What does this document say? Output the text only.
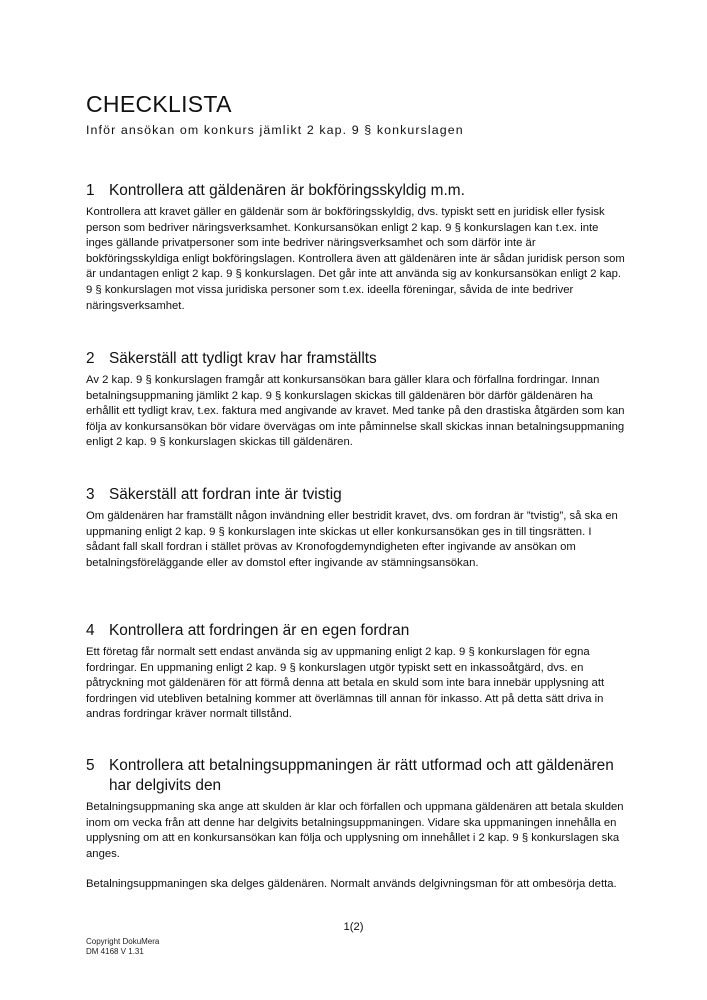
CHECKLISTA

Inför ansökan om konkurs jämlikt 2 kap. 9 § konkurslagen

1 Kontrollera att gäldenären är bokföringsskyldig m.m.

Kontrollera att kravet gäller en gäldenär som är bokföringsskyldig, dvs. typiskt sett en juridisk eller fysisk person som bedriver näringsverksamhet. Konkursansökan enligt 2 kap. 9 § konkurslagen kan t.ex. inte inges gällande privatpersoner som inte bedriver näringsverksamhet och som därför inte är bokföringsskyldiga enligt bokföringslagen. Kontrollera även att gäldenären inte är sådan juridisk person som är undantagen enligt 2 kap. 9 § konkurslagen. Det går inte att använda sig av konkursansökan enligt 2 kap. 9 § konkurslagen mot vissa juridiska personer som t.ex. ideella föreningar, såvida de inte bedriver näringsverksamhet.

2 Säkerställ att tydligt krav har framställts

Av 2 kap. 9 § konkurslagen framgår att konkursansökan bara gäller klara och förfallna fordringar. Innan betalningsuppmaning jämlikt 2 kap. 9 § konkurslagen skickas till gäldenären bör därför gäldenären ha erhållit ett tydligt krav, t.ex. faktura med angivande av kravet. Med tanke på den drastiska åtgärden som kan följa av konkursansökan bör vidare övervägas om inte påminnelse skall skickas innan betalningsuppmaning enligt 2 kap. 9 § konkurslagen skickas till gäldenären.

3 Säkerställ att fordran inte är tvistig

Om gäldenären har framställt någon invändning eller bestridit kravet, dvs. om fordran är ”tvistig”, så ska en uppmaning enligt 2 kap. 9 § konkurslagen inte skickas ut eller konkursansökan ges in till tingsrätten. I sådant fall skall fordran i stället prövas av Kronofogdemyndigheten efter ingivande av ansökan om betalningsföreläggande eller av domstol efter ingivande av stämningsansökan.

4 Kontrollera att fordringen är en egen fordran

Ett företag får normalt sett endast använda sig av uppmaning enligt 2 kap. 9 § konkurslagen för egna fordringar. En uppmaning enligt 2 kap. 9 § konkurslagen utgör typiskt sett en inkassoåtgärd, dvs. en påtryckning mot gäldenären för att förmå denna att betala en skuld som inte bara innebär upplysning att fordringen vid utebliven betalning kommer att överlämnas till annan för inkasso. Att på detta sätt driva in andras fordringar kräver normalt tillstånd.

5 Kontrollera att betalningsuppmaningen är rätt utformad och att gäldenären har delgivits den

Betalningsuppmaning ska ange att skulden är klar och förfallen och uppmana gäldenären att betala skulden inom om vecka från att denne har delgivits betalningsuppmaningen. Vidare ska uppmaningen innehålla en upplysning om att en konkursansökan kan följa och upplysning om innehållet i 2 kap. 9 § konkurslagen ska anges.

Betalningsuppmaningen ska delges gäldenären. Normalt används delgivningsman för att ombesörja detta.

1(2)
Copyright DokuMera
DM 4168 V 1.31
